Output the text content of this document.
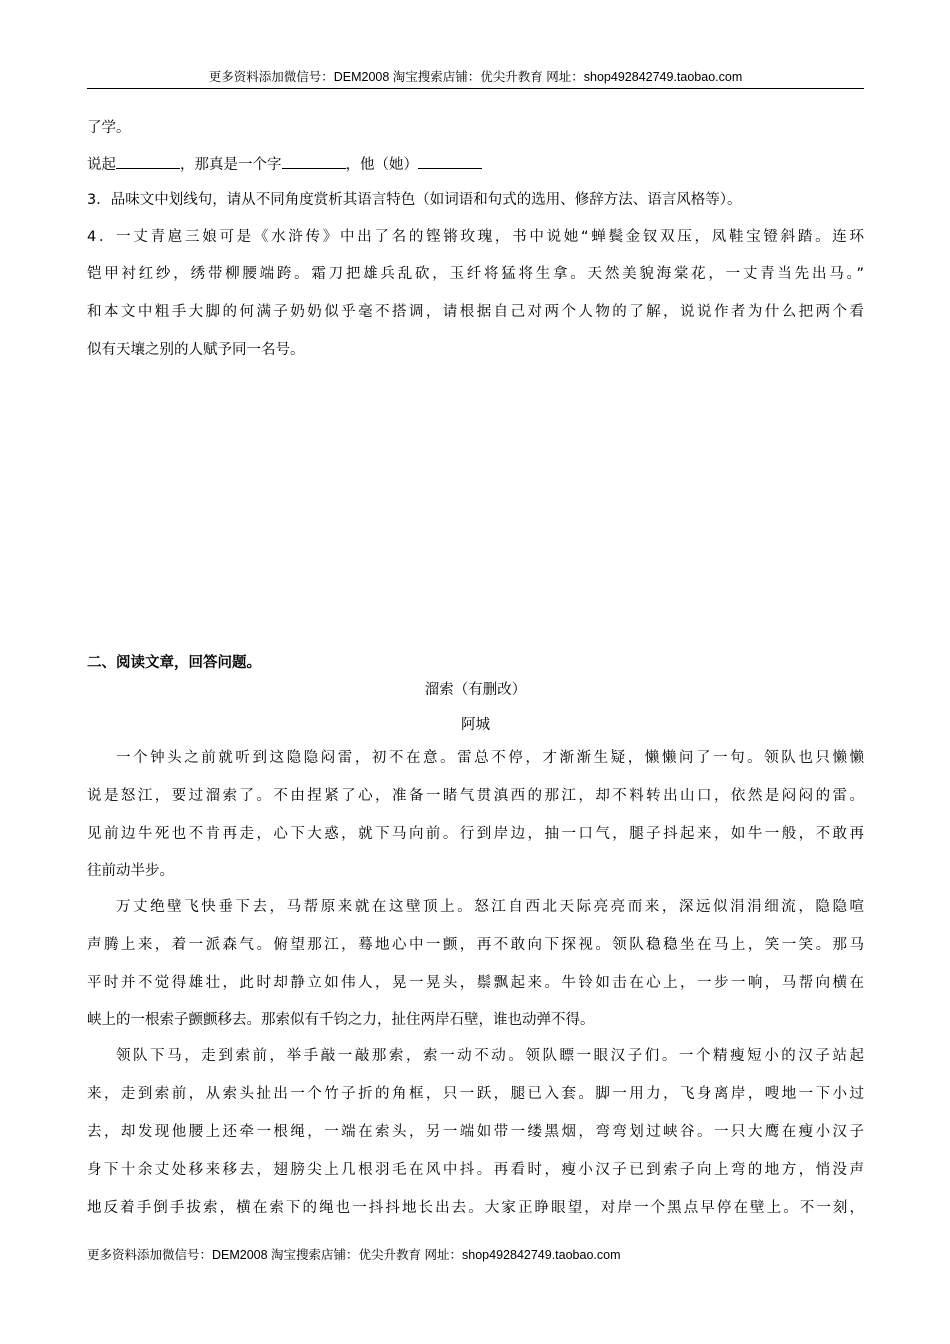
更多资料添加微信号：DEM2008 淘宝搜索店铺：优尖升教育 网址：shop492842749.taobao.com
了学。
说起	，那真是一个字	，他（她）
3．品味文中划线句，请从不同角度赏析其语言特色（如词语和句式的选用、修辞方法、语言风格等）。
4．一丈青扈三娘可是《水浒传》中出了名的铿锵玫瑰，书中说她“蝉鬓金钗双压，凤鞋宝镫斜踏。连环
铠甲衬红纱，绣带柳腰端跨。霜刀把雄兵乱砍，玉纤将猛将生拿。天然美貌海棠花，一丈青当先出马。”
和本文中粗手大脚的何满子奶奶似乎毫不搭调，请根据自己对两个人物的了解，说说作者为什么把两个看
似有天壤之别的人赋予同一名号。
二、阅读文章，回答问题。
溜索（有删改）
阿城
一个钟头之前就听到这隐隐闷雷，初不在意。雷总不停，才渐渐生疑，懒懒问了一句。领队也只懒懒
说是怒江，要过溜索了。不由捏紧了心，准备一睹气贯滇西的那江，却不料转出山口，依然是闷闷的雷。
见前边牛死也不肯再走，心下大惑，就下马向前。行到岸边，抽一口气，腿子抖起来，如牛一般，不敢再
往前动半步。
万丈绝壁飞快垂下去，马帮原来就在这壁顶上。怒江自西北天际亮亮而来，深远似涓涓细流，隐隐喧
声腾上来，着一派森气。俯望那江，蓦地心中一颤，再不敢向下探视。领队稳稳坐在马上，笑一笑。那马
平时并不觉得雄壮，此时却静立如伟人，晃一晃头，鬃飘起来。牛铃如击在心上，一步一响，马帮向横在
峡上的一根索子颤颤移去。那索似有千钧之力，扯住两岸石壁，谁也动弹不得。
领队下马，走到索前，举手敲一敲那索，索一动不动。领队瞟一眼汉子们。一个精瘦短小的汉子站起
来，走到索前，从索头扯出一个竹子折的角框，只一跃，腿已入套。脚一用力，飞身离岸，嗖地一下小过
去，却发现他腰上还牵一根绳，一端在索头，另一端如带一缕黑烟，弯弯划过峡谷。一只大鹰在瘦小汉子
身下十余丈处移来移去，翅膀尖上几根羽毛在风中抖。再看时，瘦小汉子已到索子向上弯的地方，悄没声
地反着手倒手拔索，横在索下的绳也一抖抖地长出去。大家正睁眼望，对岸一个黑点早停在壁上。不一刻，
更多资料添加微信号：DEM2008 淘宝搜索店铺：优尖升教育 网址：shop492842749.taobao.com
